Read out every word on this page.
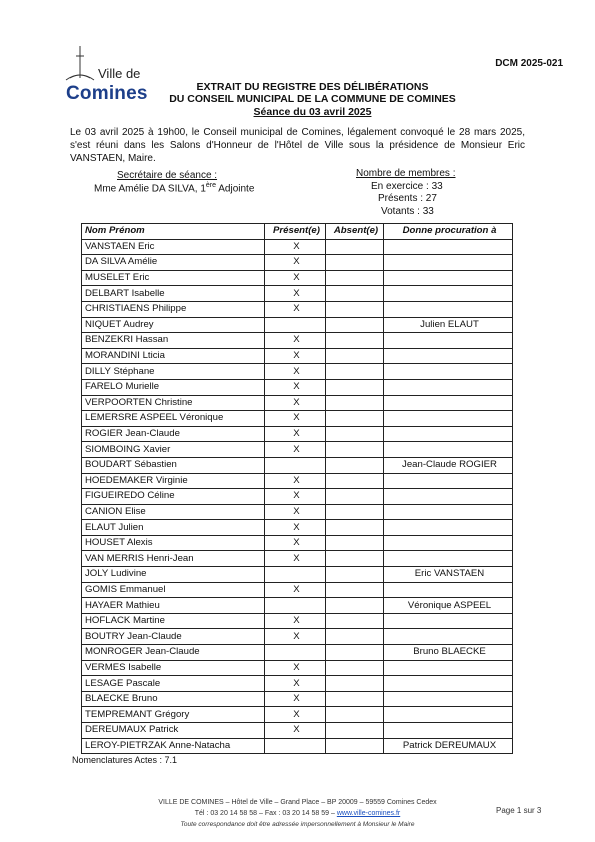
Ville de
Comines
DCM 2025-021
EXTRAIT DU REGISTRE DES DÉLIBÉRATIONS
DU CONSEIL MUNICIPAL DE LA COMMUNE DE COMINES
Séance du 03 avril 2025
Le 03 avril 2025 à 19h00, le Conseil municipal de Comines, légalement convoqué le 28 mars 2025, s'est réuni dans les Salons d'Honneur de l'Hôtel de Ville sous la présidence de Monsieur Eric VANSTAEN, Maire.
Secrétaire de séance :
Mme Amélie DA SILVA, 1ère Adjointe
Nombre de membres :
En exercice : 33
Présents : 27
Votants : 33
Nom Prénom	Présent(e)	Absent(e)	Donne procuration à
VANSTAEN Eric	X		
DA SILVA Amélie	X		
MUSELET Eric	X		
DELBART Isabelle	X		
CHRISTIAENS Philippe	X		
NIQUET Audrey			Julien ELAUT
BENZEKRI Hassan	X		
MORANDINI Lticia	X		
DILLY Stéphane	X		
FARELO Murielle	X		
VERPOORTEN Christine	X		
LEMERSRE ASPEEL Véronique	X		
ROGIER Jean-Claude	X		
SIOMBOING Xavier	X		
BOUDART Sébastien			Jean-Claude ROGIER
HOEDEMAKER Virginie	X		
FIGUEIREDO Céline	X		
CANION Elise	X		
ELAUT Julien	X		
HOUSET Alexis	X		
VAN MERRIS Henri-Jean	X		
JOLY Ludivine			Eric VANSTAEN
GOMIS Emmanuel	X		
HAYAER Mathieu			Véronique ASPEEL
HOFLACK Martine	X		
BOUTRY Jean-Claude	X		
MONROGER Jean-Claude			Bruno BLAECKE
VERMES Isabelle	X		
LESAGE Pascale	X		
BLAECKE Bruno	X		
TEMPREMANT Grégory	X		
DEREUMAUX Patrick	X		
LEROY-PIETRZAK Anne-Natacha			Patrick DEREUMAUX
Nomenclatures Actes : 7.1
VILLE DE COMINES – Hôtel de Ville – Grand Place – BP 20009 – 59559 Comines Cedex
Tél : 03 20 14 58 58 – Fax : 03 20 14 58 59 – www.ville-comines.fr
Toute correspondance doit être adressée impersonnellement à Monsieur le Maire
Page 1 sur 3
